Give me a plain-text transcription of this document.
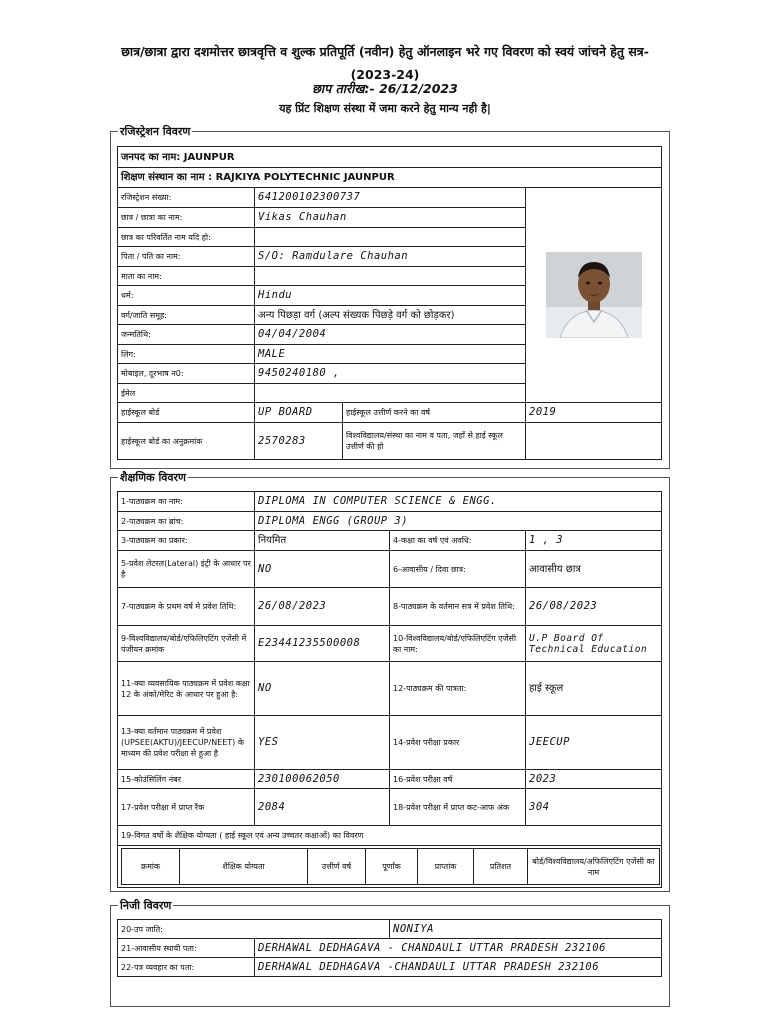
छात्र/छात्रा द्वारा दशमोत्तर छात्रवृत्ति व शुल्क प्रतिपूर्ति (नवीन) हेतु ऑनलाइन भरे गए विवरण को स्वयं जांचने हेतु सत्र-(2023-24)
छाप तारीख:- 26/12/2023
यह प्रिंट शिक्षण संस्था में जमा करने हेतु मान्य नही है|
रजिस्ट्रेशन विवरण
जनपद का नाम: JAUNPUR			
शिक्षण संस्थान का नाम : RAJKIYA POLYTECHNIC JAUNPUR			
रजिस्ट्रेशन संख्या:	641200102300737	

छात्र / छात्रा का नाम:	Vikas Chauhan		
छात्र का परिवर्तित नाम यदि हो:			
पिता / पति का नाम:	S/O: Ramdulare Chauhan		
माता का नाम:			
धर्म:	Hindu		
वर्ग/जाति समूह:	अन्य पिछड़ा वर्ग (अल्प संख्यक पिछड़े वर्ग को छोड़कर)		
जन्मतिथि:	04/04/2004		
लिंग:	MALE		
मोबाइल, दूरभाष न0:	9450240180 ,		
ईमेल			
हाईस्कूल बोर्ड	UP BOARD	हाईस्कूल उत्तीर्ण करने का वर्ष	2019
हाईस्कूल बोर्ड का अनुक्रमांक	2570283	विश्वविद्यालय/संस्था का नाम व पता, जहाँ से हाई स्कूल उत्तीर्ण की हो	
शैक्षणिक विवरण
1-पाठ्यक्रम का नाम:	DIPLOMA IN COMPUTER SCIENCE & ENGG.
2-पाठ्यक्रम का ब्रांच:	DIPLOMA ENGG (GROUP 3)
3-पाठ्यक्रम का प्रकार:	नियमित	4-कक्षा का वर्ष एवं अवधि:	1 , 3
5-प्रवेश लेटरल(Lateral) इंट्री के आधार पर है	NO	6-आवासीय / दिवा छात्र:	आवासीय छात्र
7-पाठ्यक्रम के प्रथम वर्ष मे प्रवेश तिथि:	26/08/2023	8-पाठ्यक्रम के वर्तमान सत्र में प्रवेश तिथि:	26/08/2023
9-विश्वविद्यालय/बोर्ड/एफिलिएटिंग एजेंसी में पंजीयन क्रमांक	E23441235500008	10-विश्वविद्यालय/बोर्ड/एफिलिएटिंग एजेंसी का नाम:	U.P Board Of Technical Education
11-क्या व्यवसायिक पाठ्यक्रम में प्रवेश कक्षा 12 के अंको/मेरिट के आधार पर हुआ है:	NO	12-पाठ्यक्रम की पात्रता:	हाई स्कूल
13-क्या वर्तमान पाठ्यक्रम में प्रवेश (UPSEE(AKTU)/JEECUP/NEET) के माध्यम की प्रवेश परीक्षा से हुआ है	YES	14-प्रवेश परीक्षा प्रकार	JEECUP
15-कोउंसिलिंग नंबर	230100062050	16-प्रवेश परीक्षा वर्ष	2023
17-प्रवेश परीक्षा में प्राप्त रैंक	2084	18-प्रवेश परीक्षा में प्राप्त कट-आफ अंक	304
19-विगत वर्षो के शैक्षिक योग्यता ( हाई स्कूल एवं अन्य उच्चतर कक्षाओं) का विवरण

क्रमांक	शैक्षिक योग्यता	उत्तीर्ण वर्ष	पूर्णांक	प्राप्तांक	प्रतिशत	बोर्ड/विश्वविद्यालय/अफिलिएटिंग एजेंसी का नाम
निजी विवरण
20-उप जाति:		NONIYA
21-आवासीय स्थायी पता:	DERHAWAL DEDHAGAVA - CHANDAULI UTTAR PRADESH 232106	
22-पत्र व्यवहार का पता:	DERHAWAL DEDHAGAVA -CHANDAULI UTTAR PRADESH 232106	
